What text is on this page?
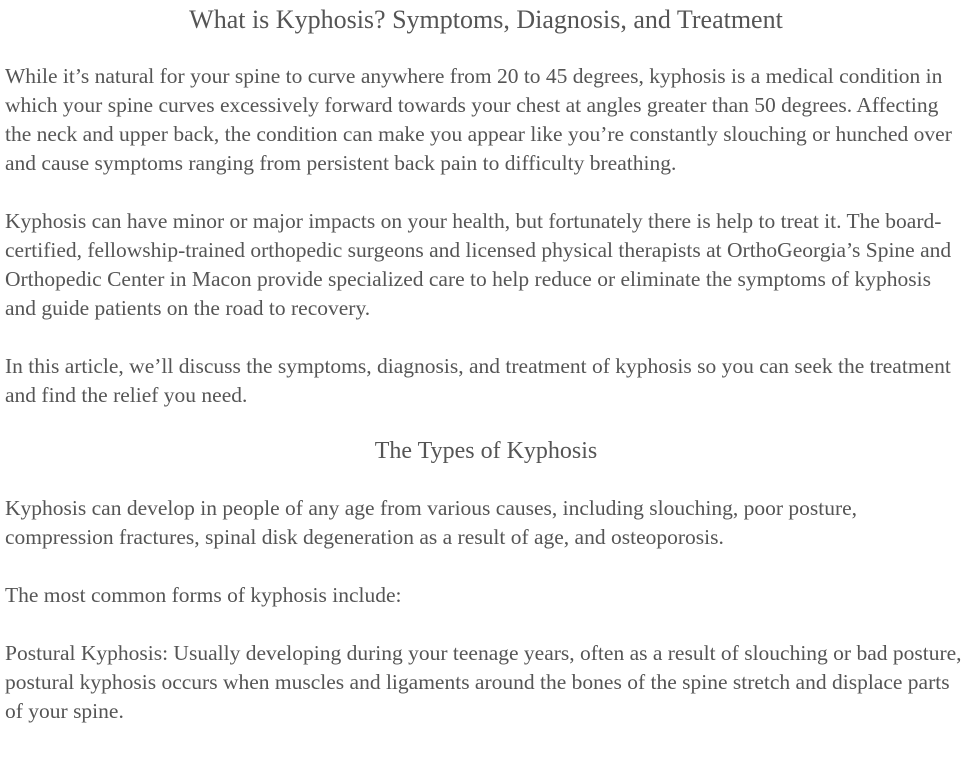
What is Kyphosis? Symptoms, Diagnosis, and Treatment

While it’s natural for your spine to curve anywhere from 20 to 45 degrees, kyphosis is a medical condition in which your spine curves excessively forward towards your chest at angles greater than 50 degrees. Affecting the neck and upper back, the condition can make you appear like you’re constantly slouching or hunched over and cause symptoms ranging from persistent back pain to difficulty breathing.

Kyphosis can have minor or major impacts on your health, but fortunately there is help to treat it. The board-certified, fellowship-trained orthopedic surgeons and licensed physical therapists at OrthoGeorgia’s Spine and Orthopedic Center in Macon provide specialized care to help reduce or eliminate the symptoms of kyphosis and guide patients on the road to recovery.

In this article, we’ll discuss the symptoms, diagnosis, and treatment of kyphosis so you can seek the treatment and find the relief you need.

The Types of Kyphosis

Kyphosis can develop in people of any age from various causes, including slouching, poor posture, compression fractures, spinal disk degeneration as a result of age, and osteoporosis.

The most common forms of kyphosis include:

Postural Kyphosis: Usually developing during your teenage years, often as a result of slouching or bad posture, postural kyphosis occurs when muscles and ligaments around the bones of the spine stretch and displace parts of your spine.
